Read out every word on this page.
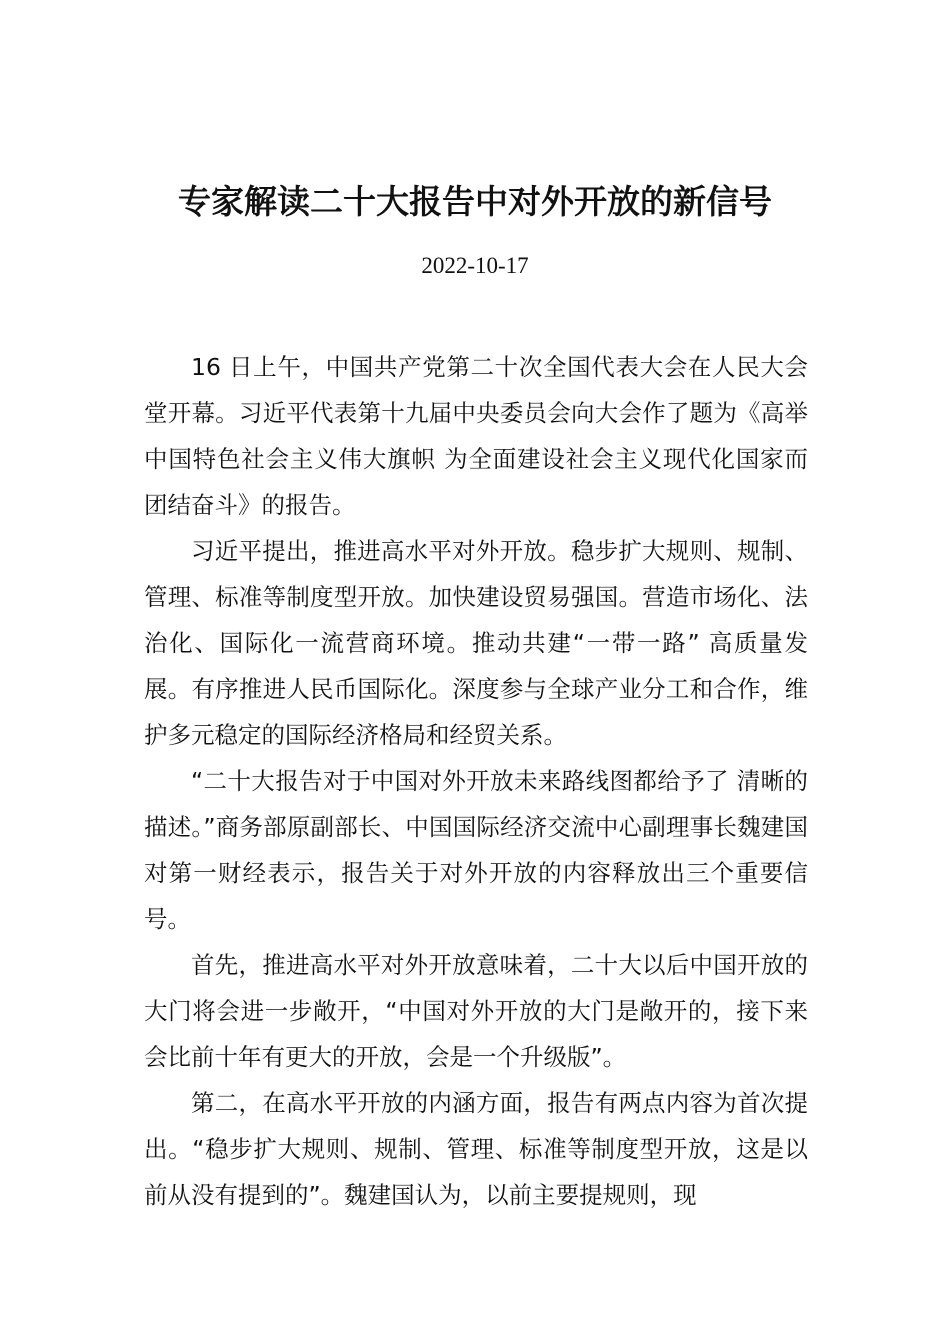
专家解读二十大报告中对外开放的新信号
2022-10-17

16 日上午，中国共产党第二十次全国代表大会在人民大会堂开幕。习近平代表第十九届中央委员会向大会作了题为《高举中国特色社会主义伟大旗帜 为全面建设社会主义现代化国家而团结奋斗》的报告。

习近平提出，推进高水平对外开放。稳步扩大规则、规制、管理、标准等制度型开放。加快建设贸易强国。营造市场化、法治化、国际化一流营商环境。推动共建“一带一路” 高质量发展。有序推进人民币国际化。深度参与全球产业分工和合作，维护多元稳定的国际经济格局和经贸关系。

“二十大报告对于中国对外开放未来路线图都给予了 清晰的描述。”商务部原副部长、中国国际经济交流中心副理事长魏建国对第一财经表示，报告关于对外开放的内容释放出三个重要信号。

首先，推进高水平对外开放意味着，二十大以后中国开放的大门将会进一步敞开，“中国对外开放的大门是敞开的，接下来会比前十年有更大的开放，会是一个升级版”。

第二，在高水平开放的内涵方面，报告有两点内容为首次提出。“稳步扩大规则、规制、管理、标准等制度型开放，这是以前从没有提到的”。魏建国认为，以前主要提规则，现
